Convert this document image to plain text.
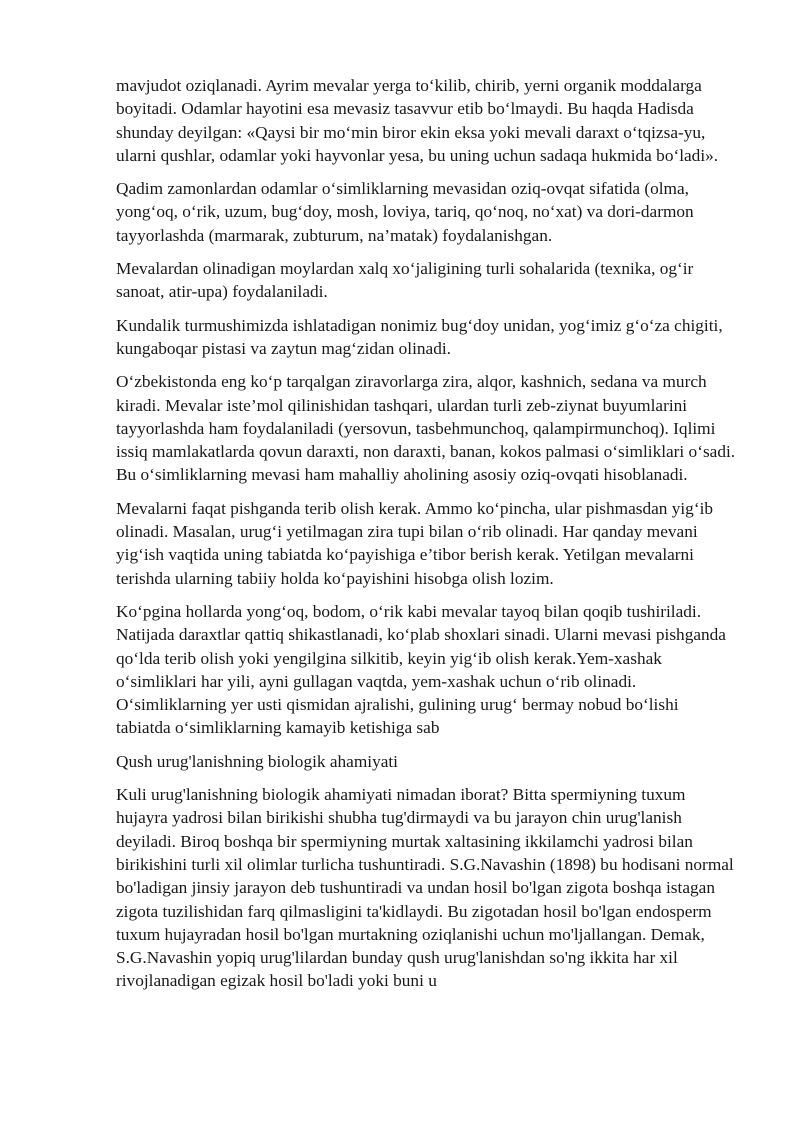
mavjudot oziqlanadi. Ayrim mevalar yerga to‘kilib, chirib, yerni organik moddalarga boyitadi. Odamlar hayotini esa mevasiz tasavvur etib bo‘lmaydi. Bu haqda Hadisda shunday deyilgan: «Qaysi bir mo‘min biror ekin eksa yoki mevali daraxt o‘tqizsa-yu, ularni qushlar, odamlar yoki hayvonlar yesa, bu uning uchun sadaqa hukmida bo‘ladi».

Qadim zamonlardan odamlar o‘simliklarning mevasidan oziq-ovqat sifatida (olma, yong‘oq, o‘rik, uzum, bug‘doy, mosh, loviya, tariq, qo‘noq, no‘xat) va dori-darmon tayyorlashda (marmarak, zubturum, na’matak) foydalanishgan.

Mevalardan olinadigan moylardan xalq xo‘jaligining turli sohalarida (texnika, og‘ir sanoat, atir-upa) foydalaniladi.

Kundalik turmushimizda ishlatadigan nonimiz bug‘doy unidan, yog‘imiz g‘o‘za chigiti, kungaboqar pistasi va zaytun mag‘zidan olinadi.

O‘zbekistonda eng ko‘p tarqalgan ziravorlarga zira, alqor, kashnich, sedana va murch kiradi. Mevalar iste’mol qilinishidan tashqari, ulardan turli zeb-ziynat buyumlarini tayyorlashda ham foydalaniladi (yersovun, tasbehmunchoq, qalampirmunchoq). Iqlimi issiq mamlakatlarda qovun daraxti, non daraxti, banan, kokos palmasi o‘simliklari o‘sadi. Bu o‘simliklarning mevasi ham mahalliy aholining asosiy oziq-ovqati hisoblanadi.

Mevalarni faqat pishganda terib olish kerak. Ammo ko‘pincha, ular pishmasdan yig‘ib olinadi. Masalan, urug‘i yetilmagan zira tupi bilan o‘rib olinadi. Har qanday mevani yig‘ish vaqtida uning tabiatda ko‘payishiga e’tibor berish kerak. Yetilgan mevalarni terishda ularning tabiiy holda ko‘payishini hisobga olish lozim.

Ko‘pgina hollarda yong‘oq, bodom, o‘rik kabi mevalar tayoq bilan qoqib tushiriladi. Natijada daraxtlar qattiq shikastlanadi, ko‘plab shoxlari sinadi. Ularni mevasi pishganda qo‘lda terib olish yoki yengilgina silkitib, keyin yig‘ib olish kerak.Yem-xashak o‘simliklari har yili, ayni gullagan vaqtda, yem-xashak uchun o‘rib olinadi. O‘simliklarning yer usti qismidan ajralishi, gulining urug‘ bermay nobud bo‘lishi tabiatda o‘simliklarning kamayib ketishiga sab

Qush urug'lanishning biologik ahamiyati

Kuli urug'lanishning biologik ahamiyati nimadan iborat? Bitta spermiyning tuxum hujayra yadrosi bilan birikishi shubha tug'dirmaydi va bu jarayon chin urug'lanish deyiladi. Biroq boshqa bir spermiyning murtak xaltasining ikkilamchi yadrosi bilan birikishini turli xil olimlar turlicha tushuntiradi. S.G.Navashin (1898) bu hodisani normal bo'ladigan jinsiy jarayon deb tushuntiradi va undan hosil bo'lgan zigota boshqa istagan zigota tuzilishidan farq qilmasligini ta'kidlaydi. Bu zigotadan hosil bo'lgan endosperm tuxum hujayradan hosil bo'lgan murtakning oziqlanishi uchun mo'ljallangan. Demak, S.G.Navashin yopiq urug'lilardan bunday qush urug'lanishdan so'ng ikkita har xil rivojlanadigan egizak hosil bo'ladi yoki buni u
